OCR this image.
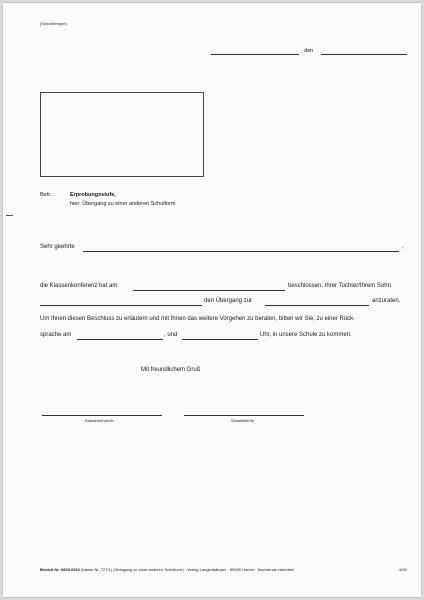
(Schulstempel)
, den
Betr.:	Erprobungsstufe,
hier: Übergang zu einer anderen Schulform
Sehr geehrte	,
die Klassenkonferenz hat am	beschlossen, Ihrer Tochter/Ihrem Sohn
den Übergang zur	anzuraten.
Um Ihnen diesen Beschluss zu erläutern und mit Ihnen das weitere Vorgehen zu beraten, bitten wir Sie, zu einer Rück-
sprache am	, und	Uhr, in unsere Schule zu kommen.
Mit freundlichem Gruß
Klassenlehrer/in	Schulleiter/in
Bestell-Nr. 0805-0912 (bisher Nr. 727/1) (Übergang zu einer anderen Schulform) · Verlag Langenkämper · 59009 Hamm · Nachdruck verboten!	4/09
